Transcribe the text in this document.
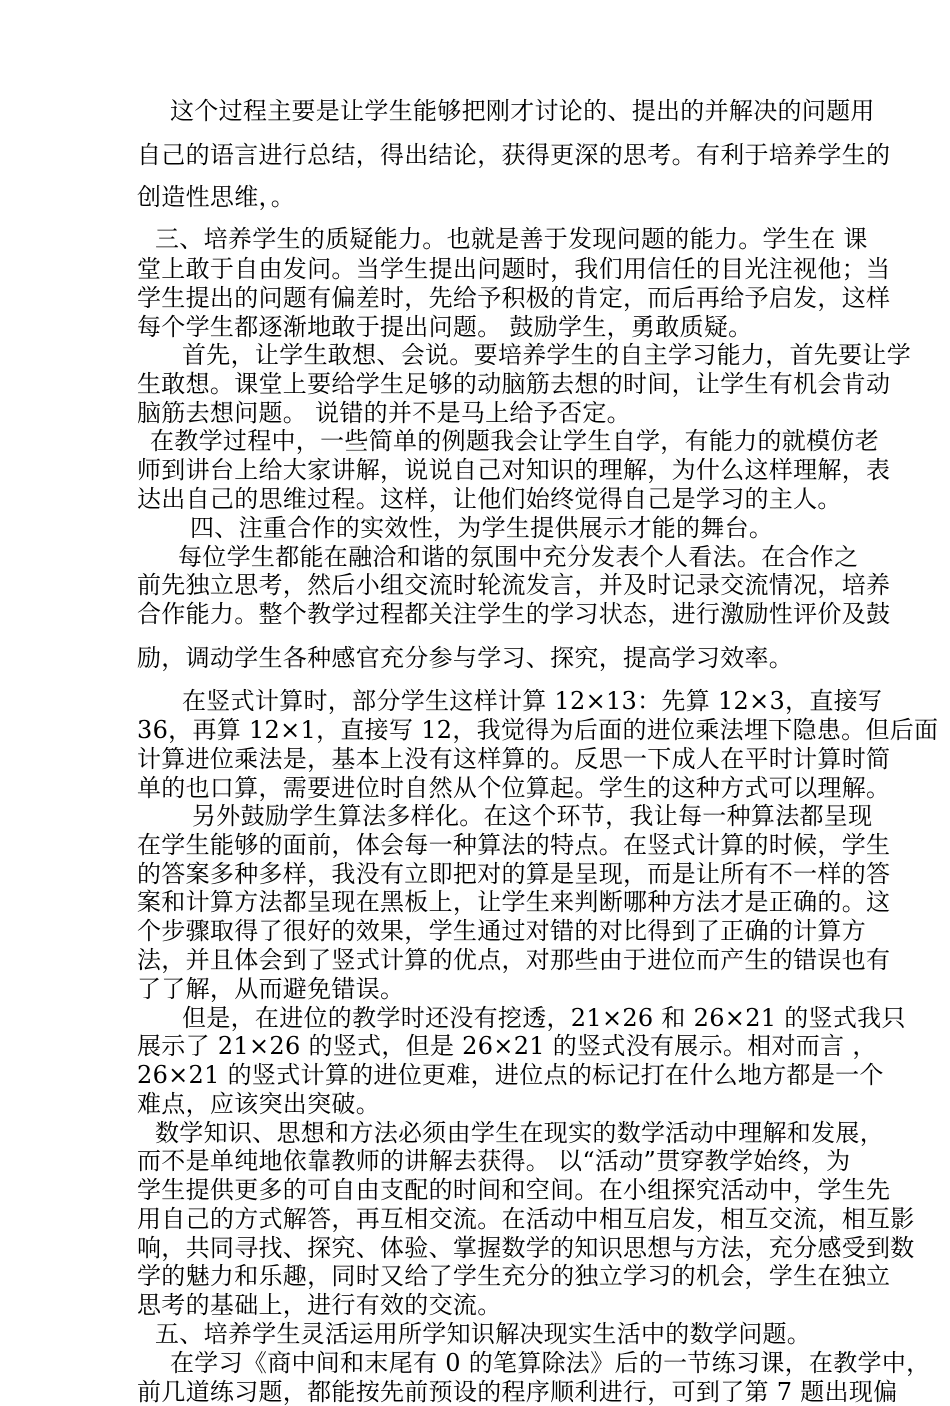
这个过程主要是让学生能够把刚才讨论的、提出的并解决的问题用

自己的语言进行总结，得出结论，获得更深的思考。有利于培养学生的

创造性思维，。

三、培养学生的质疑能力。也就是善于发现问题的能力。学生在 课

堂上敢于自由发问。当学生提出问题时，我们用信任的目光注视他；当

学生提出的问题有偏差时，先给予积极的肯定，而后再给予启发，这样

每个学生都逐渐地敢于提出问题。 鼓励学生，勇敢质疑。

首先，让学生敢想、会说。要培养学生的自主学习能力，首先要让学

生敢想。课堂上要给学生足够的动脑筋去想的时间，让学生有机会肯动

脑筋去想问题。 说错的并不是马上给予否定。

在教学过程中，一些简单的例题我会让学生自学，有能力的就模仿老

师到讲台上给大家讲解，说说自己对知识的理解，为什么这样理解，表

达出自己的思维过程。这样，让他们始终觉得自己是学习的主人。

四、注重合作的实效性，为学生提供展示才能的舞台。

每位学生都能在融洽和谐的氛围中充分发表个人看法。在合作之

前先独立思考，然后小组交流时轮流发言，并及时记录交流情况，培养

合作能力。整个教学过程都关注学生的学习状态，进行激励性评价及鼓

励，调动学生各种感官充分参与学习、探究，提高学习效率。

在竖式计算时，部分学生这样计算 12×13：先算 12×3，直接写

36，再算 12×1，直接写 12，我觉得为后面的进位乘法埋下隐患。但后面

计算进位乘法是，基本上没有这样算的。反思一下成人在平时计算时简

单的也口算，需要进位时自然从个位算起。学生的这种方式可以理解。

另外鼓励学生算法多样化。在这个环节，我让每一种算法都呈现

在学生能够的面前，体会每一种算法的特点。在竖式计算的时候，学生

的答案多种多样，我没有立即把对的算是呈现，而是让所有不一样的答

案和计算方法都呈现在黑板上，让学生来判断哪种方法才是正确的。这

个步骤取得了很好的效果，学生通过对错的对比得到了正确的计算方

法，并且体会到了竖式计算的优点，对那些由于进位而产生的错误也有

了了解，从而避免错误。

但是，在进位的教学时还没有挖透，21×26 和 26×21 的竖式我只

展示了 21×26 的竖式，但是 26×21 的竖式没有展示。相对而言 ，

26×21 的竖式计算的进位更难，进位点的标记打在什么地方都是一个

难点，应该突出突破。

数学知识、思想和方法必须由学生在现实的数学活动中理解和发展，

而不是单纯地依靠教师的讲解去获得。 以“活动”贯穿教学始终，为

学生提供更多的可自由支配的时间和空间。在小组探究活动中，学生先

用自己的方式解答，再互相交流。在活动中相互启发，相互交流，相互影

响，共同寻找、探究、体验、掌握数学的知识思想与方法，充分感受到数

学的魅力和乐趣，同时又给了学生充分的独立学习的机会，学生在独立

思考的基础上，进行有效的交流。

五、培养学生灵活运用所学知识解决现实生活中的数学问题。

在学习《商中间和末尾有 0 的笔算除法》后的一节练习课，在教学中，

前几道练习题，都能按先前预设的程序顺利进行，可到了第 7 题出现偏
